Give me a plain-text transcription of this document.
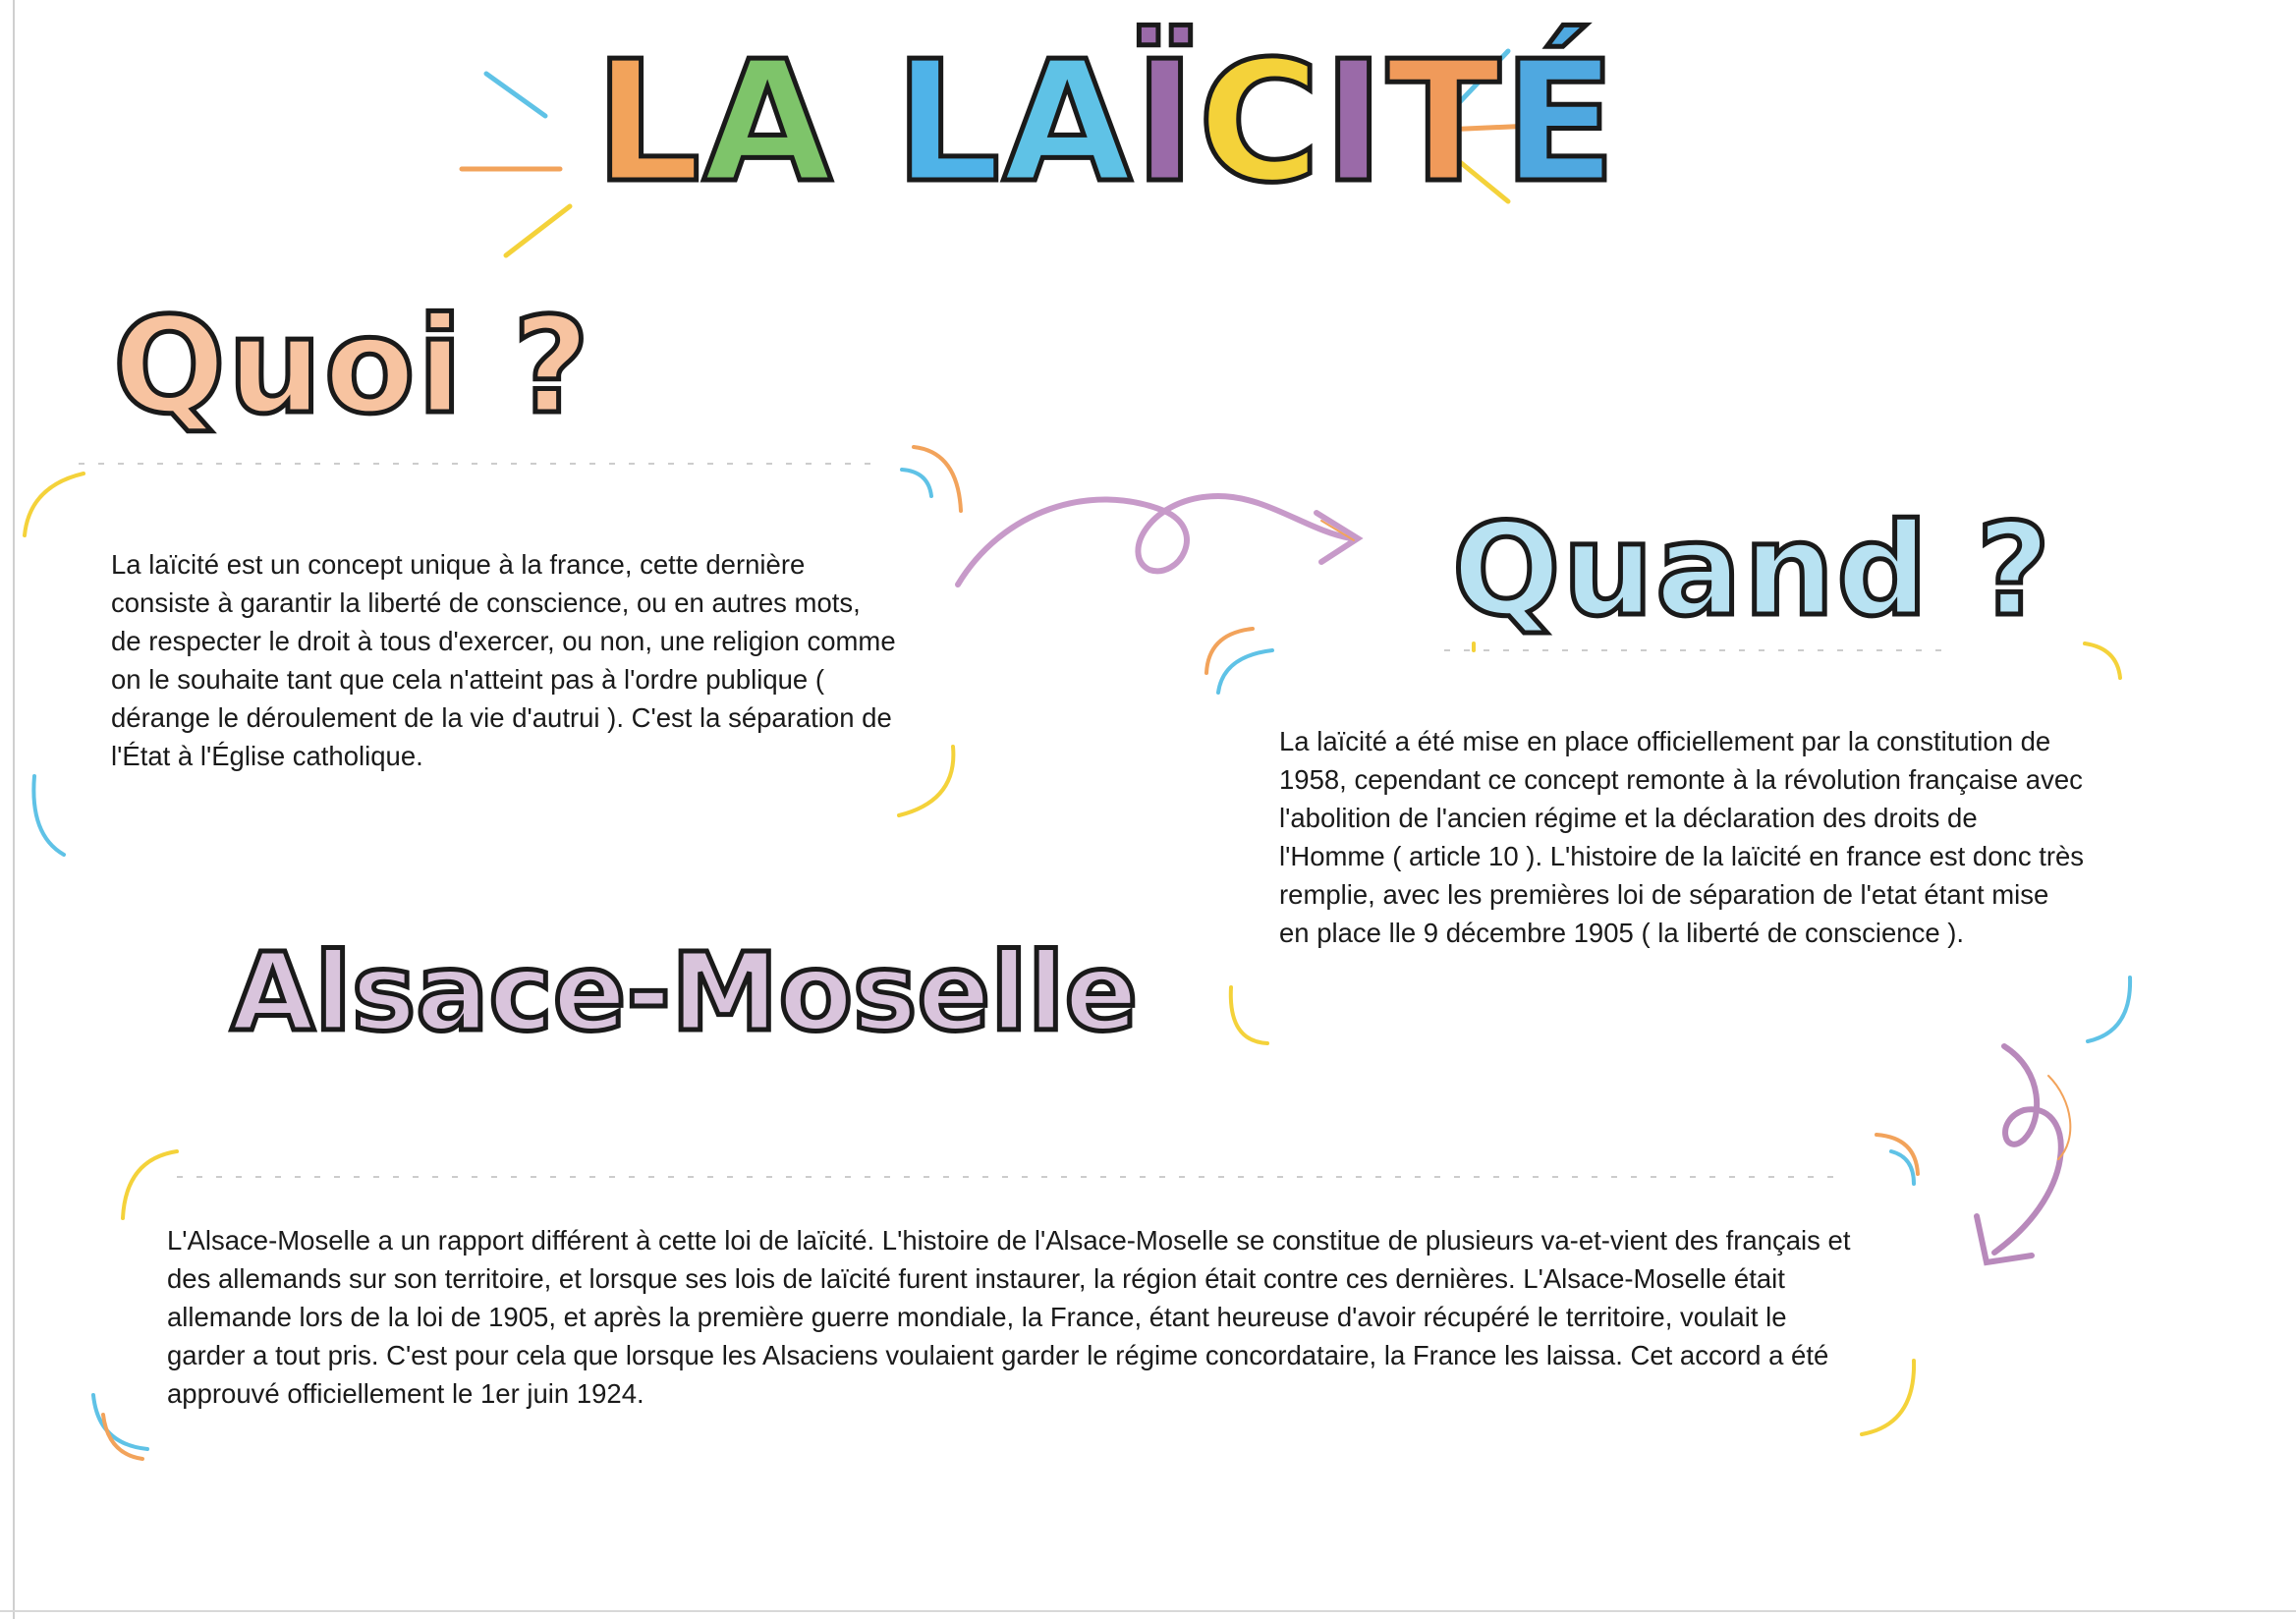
LA LAÏCITÉ
Quoi ?

La laïcité est un concept unique à la france, cette dernière consiste à garantir la liberté de conscience, ou en autres mots, de respecter le droit à tous d'exercer, ou non, une religion comme on le souhaite tant que cela n'atteint pas à l'ordre publique ( dérange le déroulement de la vie d'autrui ). C'est la séparation de l'État à l'Église catholique.

Quand ?

La laïcité a été mise en place officiellement par la constitution de 1958, cependant ce concept remonte à la révolution française avec l'abolition de l'ancien régime et la déclaration des droits de l'Homme ( article 10 ). L'histoire de la laïcité en france est donc très remplie, avec les premières loi de séparation de l'etat étant mise en place lle 9 décembre 1905 ( la liberté de conscience ).

Alsace-Moselle

L'Alsace-Moselle a un rapport différent à cette loi de laïcité. L'histoire de l'Alsace-Moselle se constitue de plusieurs va-et-vient des français et des allemands sur son territoire, et lorsque ses lois de laïcité furent instaurer, la région était contre ces dernières. L'Alsace-Moselle était allemande lors de la loi de 1905, et après la première guerre mondiale, la France, étant heureuse d'avoir récupéré le territoire, voulait le garder a tout pris. C'est pour cela que lorsque les Alsaciens voulaient garder le régime concordataire, la France les laissa. Cet accord a été approuvé officiellement le 1er juin 1924.
